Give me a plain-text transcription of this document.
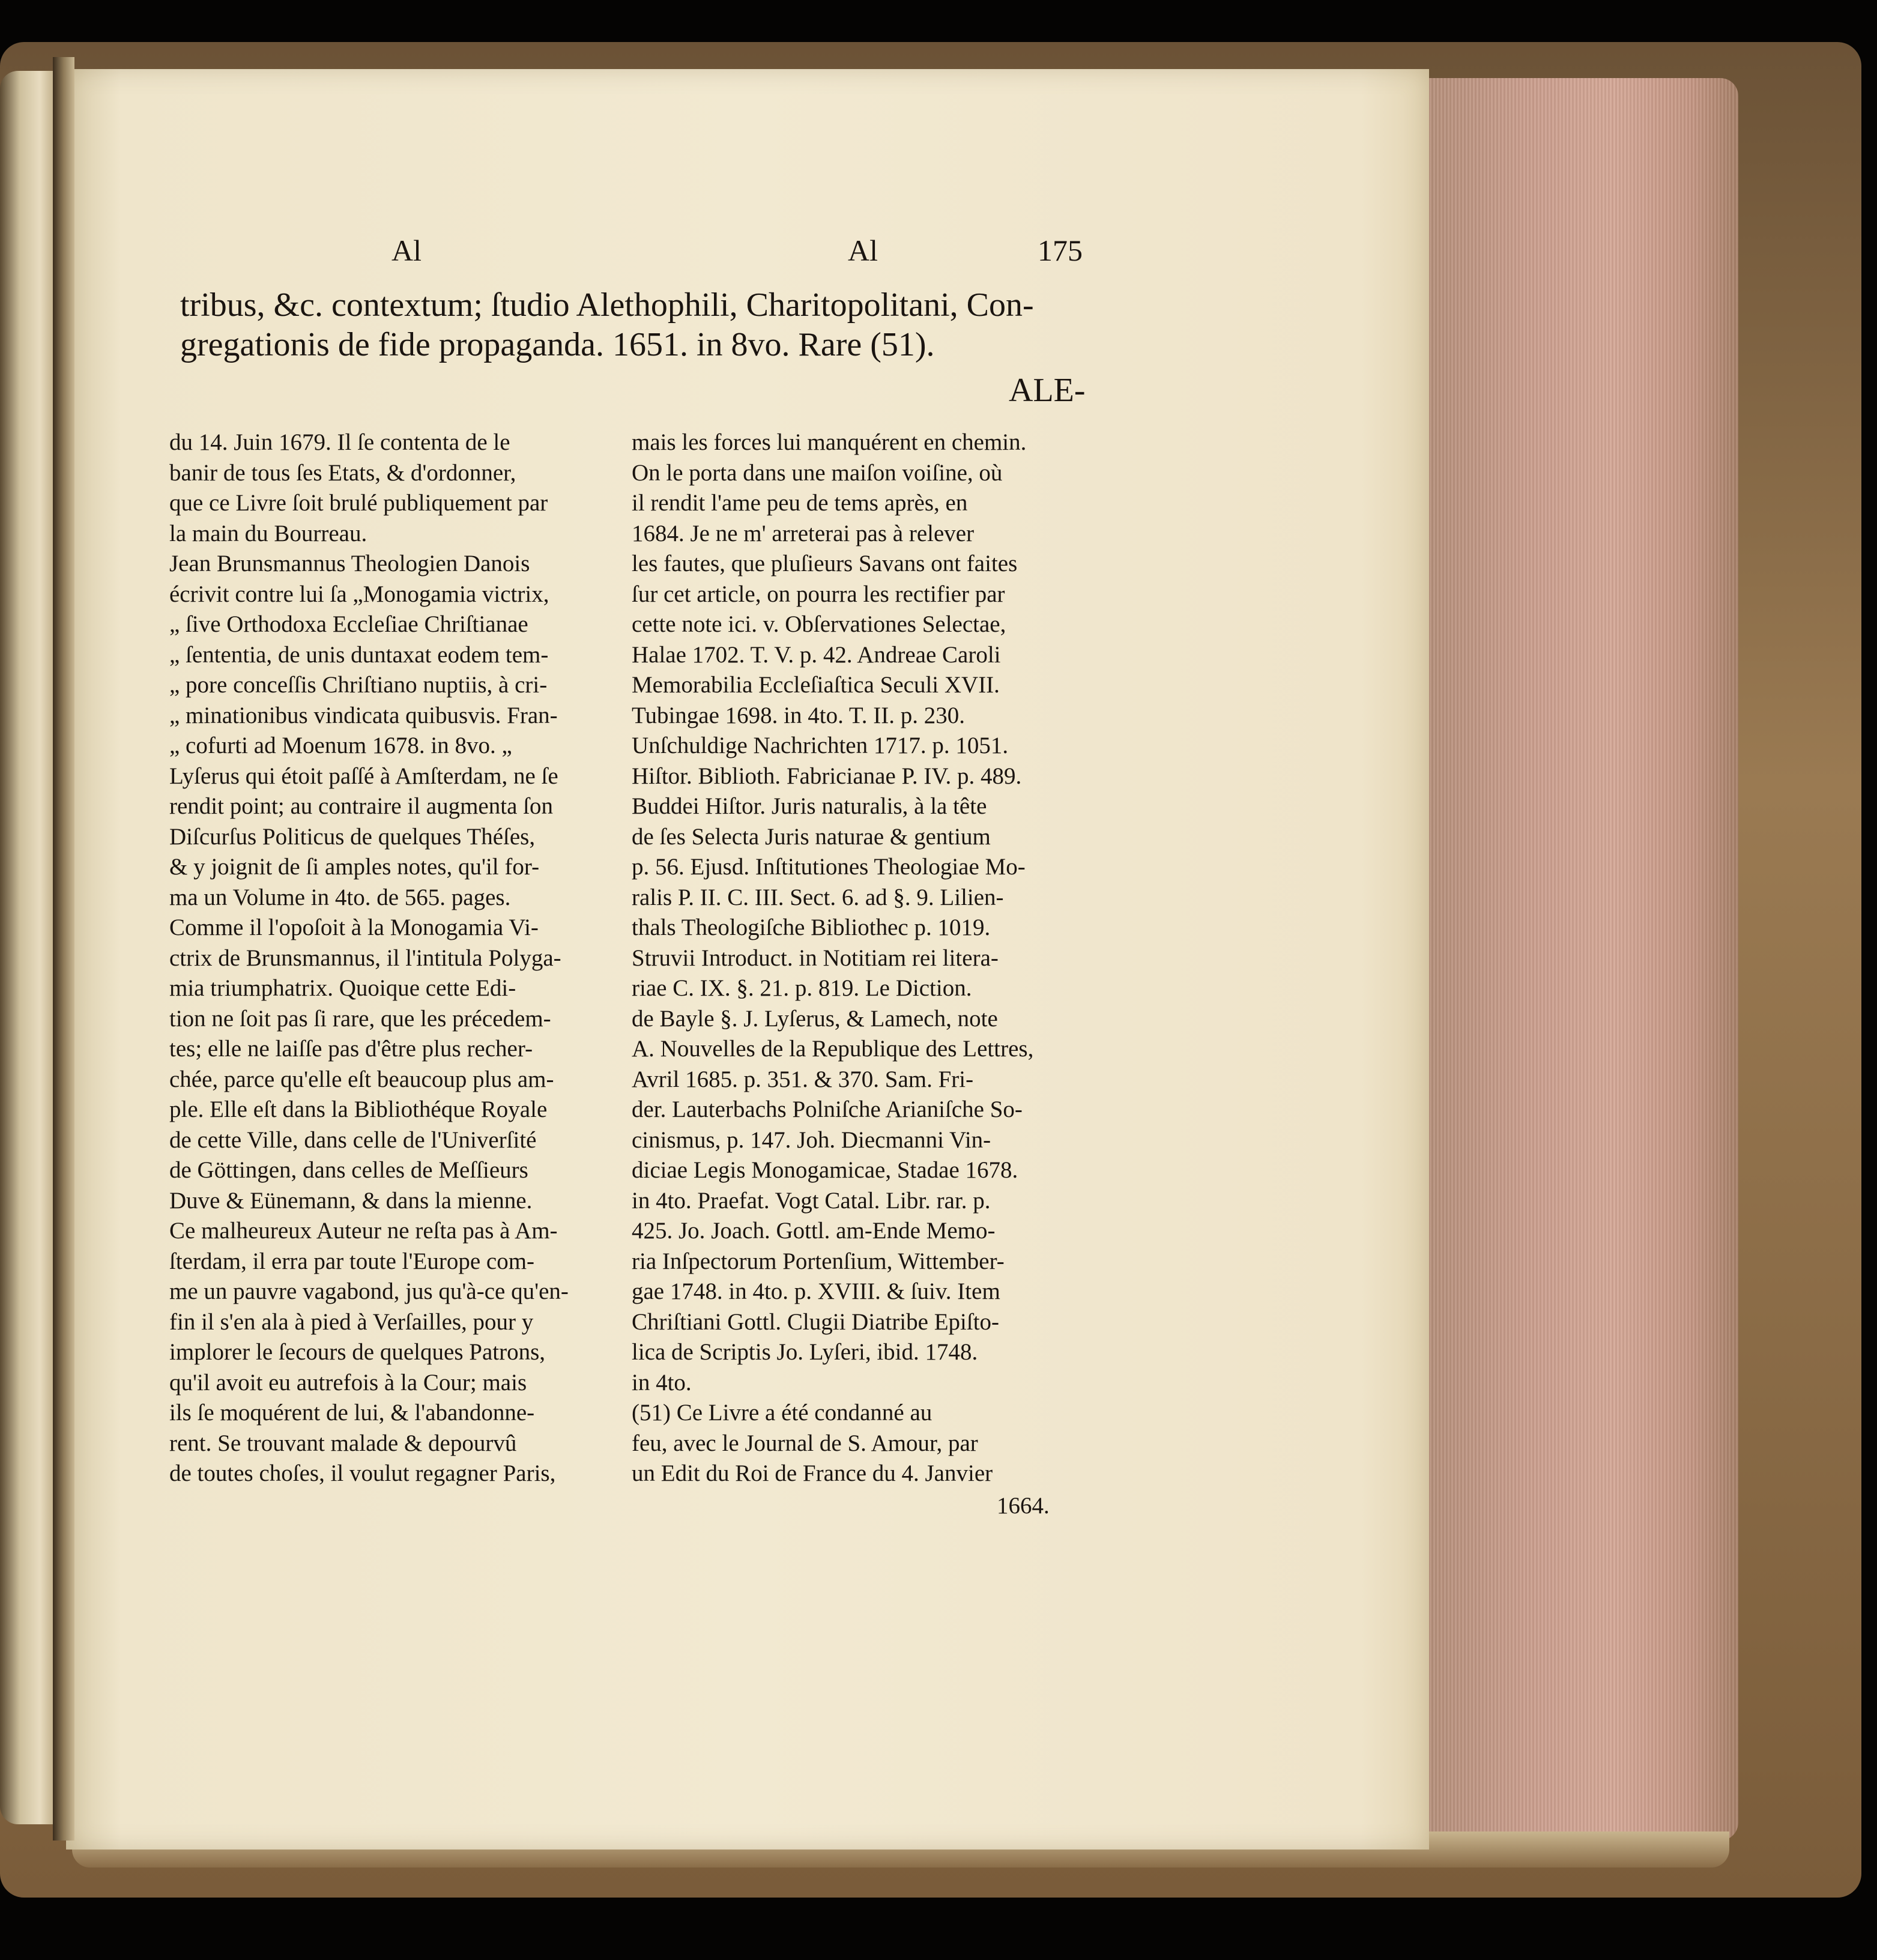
Al	Al	175
tribus, &c. contextum; ſtudio Alethophili, Charitopolitani, Con-
gregationis de fide propaganda. 1651. in 8vo. Rare (51).
ALE-
du 14. Juin 1679. Il ſe contenta de le
banir de tous ſes Etats, & d'ordonner,
que ce Livre ſoit brulé publiquement par
la main du Bourreau.
Jean Brunsmannus Theologien Danois
écrivit contre lui ſa „Monogamia victrix,
„ ſive Orthodoxa Eccleſiae Chriſtianae
„ ſententia, de unis duntaxat eodem tem-
„ pore conceſſis Chriſtiano nuptiis, à cri-
„ minationibus vindicata quibusvis. Fran-
„ cofurti ad Moenum 1678. in 8vo. „
Lyſerus qui étoit paſſé à Amſterdam, ne ſe
rendit point; au contraire il augmenta ſon
Diſcurſus Politicus de quelques Théſes,
& y joignit de ſi amples notes, qu'il for-
ma un Volume in 4to. de 565. pages.
Comme il l'opoſoit à la Monogamia Vi-
ctrix de Brunsmannus, il l'intitula Polyga-
mia triumphatrix. Quoique cette Edi-
tion ne ſoit pas ſi rare, que les précedem-
tes; elle ne laiſſe pas d'être plus recher-
chée, parce qu'elle eſt beaucoup plus am-
ple. Elle eſt dans la Bibliothéque Royale
de cette Ville, dans celle de l'Univerſité
de Göttingen, dans celles de Meſſieurs
Duve & Eünemann, & dans la mienne.
Ce malheureux Auteur ne reſta pas à Am-
ſterdam, il erra par toute l'Europe com-
me un pauvre vagabond, jus qu'à-ce qu'en-
fin il s'en ala à pied à Verſailles, pour y
implorer le ſecours de quelques Patrons,
qu'il avoit eu autrefois à la Cour; mais
ils ſe moquérent de lui, & l'abandonne-
rent. Se trouvant malade & depourvû
de toutes choſes, il voulut regagner Paris,
mais les forces lui manquérent en chemin.
On le porta dans une maiſon voiſine, où
il rendit l'ame peu de tems après, en
1684. Je ne m' arreterai pas à relever
les fautes, que pluſieurs Savans ont faites
ſur cet article, on pourra les rectifier par
cette note ici. v. Obſervationes Selectae,
Halae 1702. T. V. p. 42. Andreae Caroli
Memorabilia Eccleſiaſtica Seculi XVII.
Tubingae 1698. in 4to. T. II. p. 230.
Unſchuldige Nachrichten 1717. p. 1051.
Hiſtor. Biblioth. Fabricianae P. IV. p. 489.
Buddei Hiſtor. Juris naturalis, à la tête
de ſes Selecta Juris naturae & gentium
p. 56. Ejusd. Inſtitutiones Theologiae Mo-
ralis P. II. C. III. Sect. 6. ad §. 9. Lilien-
thals Theologiſche Bibliothec p. 1019.
Struvii Introduct. in Notitiam rei litera-
riae C. IX. §. 21. p. 819. Le Diction.
de Bayle §. J. Lyſerus, & Lamech, note
A. Nouvelles de la Republique des Lettres,
Avril 1685. p. 351. & 370. Sam. Fri-
der. Lauterbachs Polniſche Arianiſche So-
cinismus, p. 147. Joh. Diecmanni Vin-
diciae Legis Monogamicae, Stadae 1678.
in 4to. Praefat. Vogt Catal. Libr. rar. p.
425. Jo. Joach. Gottl. am-Ende Memo-
ria Inſpectorum Portenſium, Wittember-
gae 1748. in 4to. p. XVIII. & ſuiv. Item
Chriſtiani Gottl. Clugii Diatribe Epiſto-
lica de Scriptis Jo. Lyſeri, ibid. 1748.
in 4to.
(51) Ce Livre a été condanné au
feu, avec le Journal de S. Amour, par
un Edit du Roi de France du 4. Janvier
1664.
